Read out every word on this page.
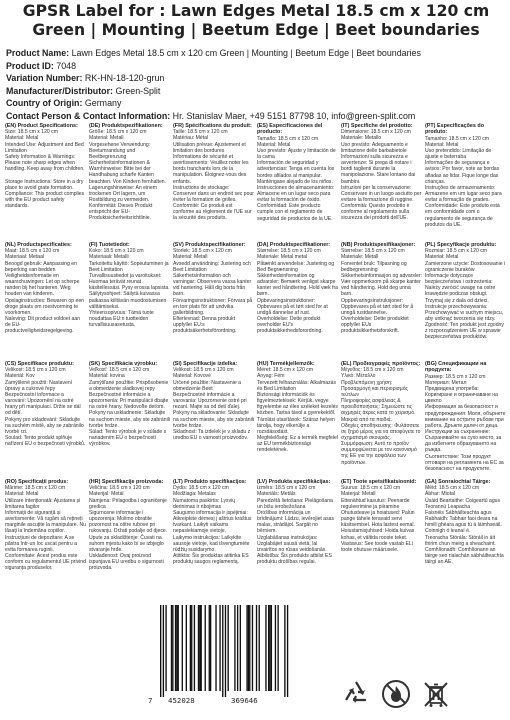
GPSR Label for : Lawn Edges Metal 18.5 cm x 120 cm Green | Mounting | Beetum Edge | Beet boundaries
Product Name: Lawn Edges Metal 18.5 cm x 120 cm Green | Mounting | Beetum Edge | Beet boundaries
Product ID: 7048
Variation Number: RK-HN-18-120-grun
Manufacturer/Distributor: Green-Split
Country of Origin: Germany
Contact Person & Contact Information: Hr. Stanislav Maer, +49 5151 87798 10, info@green-split.com
(EN) Product Specifications:
Size: 18.5 cm x 120 cm
Material: Metal
Intended Use: Adjustment and Bed Limitation
Safety Information & Warnings: Please note sharp edges when handling. Keep away from children.

Storage Instructions: Store in a dry place to avoid grate formation.
Compliance: This product complies with the EU product safety standards.
(DE) Produktspezifikationen:
Größe: 18.5 cm x 120 cm
Material: Metall
Vorgesehene Verwendung: Beetumrandung und Beetbegrenzung
Sicherheitsinformationen & Warnhinweise: Bitte bei der Handhabung scharfe Kanten beachten. Von Kindern fernhalten.
Lagerungshinweise: An einem trockenen Ort lagern, um Rostbildung zu vermeiden.
Konformität: Dieses Produkt entspricht der EU-Produktsicherheitsrichtlinie.
(FR) Spécifications du produit:
Taille: 18.5 cm x 120 cm
Matériau: Métal
Utilisation prévue: Ajustement et limitation des bordures
Informations de sécurité et avertissements: Veuillez noter les bords tranchants lors de la manipulation. Éloignez-vous des enfants.
Instructions de stockage: Conserver dans un endroit sec pour éviter la formation de grilles.
Conformité: Ce produit est conforme au règlement de l'UE sur la sécurité des produits.
(ES) Especificaciones del producto:
Tamaño: 18.5 cm x 120 cm
Material: Metal
Uso previsto: Ajuste y limitación de la cama
Información de seguridad y advertencias: Tenga en cuenta los bordes afilados al manipular. Manténgase alejado de los niños.
Instrucciones de almacenamiento: Almacene en un lugar seco para evitar la formación de óxido.
Conformidad: Este producto cumple con el reglamento de seguridad de productos de la UE.
(IT) Specifiche del prodotto:
Dimensione: 18.5 cm x 120 cm
Materiale: Metallo
Uso previsto: Adeguamento e limitazione delle barbabietole
Informazioni sulla sicurezza e avvertenze: Si prega di notare i bordi taglienti durante la manipolazione. Stare lontano dai bambini.
Istruzioni per la conservazione: Conservare in un luogo asciutto per evitare la formazione di ruggine.
Conformità: Questo prodotto è conforme al regolamento sulla sicurezza dei prodotti dell'UE.
(PT) Especificações do produto:
Tamanho: 18.5 cm x 120 cm
Material: Metal
Uso pretendido: Limitação de ajuste e beterraba
Informações de segurança e avisos: Por favor, note as bordas afiadas ao lidar. Fique longe das crianças.
Instruções de armazenamento: Armazene em um lugar seco para evitar a formação de grades.
Conformidade: Este produto está em conformidade com o regulamento de segurança de produtos da UE.
(NL) Productspecificaties:
Maat: 18.5 cm x 120 cm
Materiaal: Metaal
Beoogd gebruik: Aanpassing en beperking van bedden
Veiligheidsinformatie en waarschuwingen: Let op scherpe randen bij het hanteren. Weg houden van kinderen.
Opslaginstructies: Bewaren op een droge plaats om roestvorming te voorkomen.
Naleving: Dit product voldoet aan de EU-productveiligheidsregelgeving.
(FI) Tuotetiedot:
Koko: 18.5 cm x 120 cm
Materiaali: Metalli
Tarkoitettu käyttö: Sopeutuminen ja Beet Limitation
Turvallisuustiedot ja varoitukset: Huomaa terävät reunat käsitellessäsi. Pysy erossa lapsista.
Säilytysohjeet: Säilytä kuivassa paikassa kiiltävän muodostumisen välttämiseksi.
Yhteensopivuus: Tämä tuote noudattaa EU:n tuotteiden turvallisuusasetusta.
(SV) Produktspecifikationer:
Storlek: 18.5 cm x 120 cm
Material: Metall
Avsedd användning: Justering och Beet Limitation
Säkerhetsinformation och varningar: Observera vassa kanter vid hantering. Håll dig borta från barn.
Förvaringsinstruktioner: Förvara på en torr plats för att undvika gallerbildning.
Efterlevnad: Denna produkt uppfyller EU:s produktsäkerhetsförordning.
(DA) Produktspecifikationer:
Størrelse: 18.5 cm x 120 cm
Materiale: Metal metal
Påtænkt anvendelse: Justering og Bed Begrænsning
Sikkerhedsinformation og advarsler: Bemærk venligst skarpe kanter ved håndtering. Hold væk fra børn.
Opbevaringsinstruktioner: Opbevares på et tørt sted for at undgå dannelse af rust.
Overholdelse: Dette produkt overholder EU's produktsikkerhedsforordning.
(NB) Produktspesifikasjoner:
Størrelse: 18.5 cm x 120 cm
Materiale: Metall
Forventet bruk: Tilpasning og bedbegrensning
Sikkerhetsinformasjon og advarsler: Vær oppmerksom på skarpe kanter ved håndtering. Hold deg unna barn.
Oppbevaringsinstruksjoner: Oppbevares på et tørt sted for å unngå rustdannelse.
Overholdelse: Dette produktet oppfyller EUs produktsikkerhetsforskrift.
(PL) Specyfikacje produktu:
Rozmiar: 18.5 cm x 120 cm
Materiał: Metal
Zamierzone użycie: Dostosowanie i ograniczenie buraków
Informacje dotyczące bezpieczeństwa i ostrzeżenia: Należy zwrócić uwagę na ostre krawędzie podczas obsługi. Trzymaj się z dala od dzieci.
Instrukcje przechowywania: Przechowywać w suchym miejscu, aby uniknąć tworzenia się rdzy.
Zgodność: Ten produkt jest zgodny z rozporządzeniem UE w sprawie bezpieczeństwa produktów.
(CS) Specifikace produktu:
Velikost: 18.5 cm x 120 cm
Materiál: Kov
Zamýšlené použití: Nastavení úpravy a cukrové řepy
Bezpečnostní informace a varování: Upozornění na ostré hrany při manipulaci. Držte se dál od dětí.
Pokyny pro skladování: Skladujte na suchém místě, aby se zabránilo tvorbě rzi.
Soulad: Tento produkt splňuje nařízení EU o bezpečnosti výrobků.
(SK) Špecifikácia výrobku:
Veľkosť: 18.5 cm x 120 cm
Materiál: kovina
Zamýšľané použitie: Prispôsobenie a obmedzenie sladkovej repy
Bezpečnostné informácie a upozornenia: Pri manipulácii dbajte na ostré hrany. Nedovoľte deťom.
Pokyny na uskladnenie: Skladujte na suchom mieste, aby ste zabránili tvorbe hrdze.
Súlad: Tento výrobok je v súlade s nariadením EÚ o bezpečnosti výrobkov.
(SI) Specifikacije izdelka:
Velikost: 18.5 cm x 120 cm
Material: Kovové
Určené použitie: Nastavenie a obmedzenie Beet
Bezpečnostné informácie a varovania: Upozornenie ostré pri rezaní. Majte sa od detí ďalej.
Pokyny na skladovanie: Skladujte na suchom mieste, aby ste zabránili tvorbe hrdze.
Skladnost: Ta izdelek je v skladu z uredbo EU o varnosti proizvodov.
(HU) Termékjellemzők:
Méret: 18.5 cm x 120 cm
Anyag: Fém
Tervezett felhasználás: Alkalmazás és Bed Limitation
Biztonsági információk és figyelmeztetések: Kérjük, vegye figyelembe az éles széleket kezelés közben. Tartsa távol a gyerekektől.
Tárolási utasítások: Száraz helyen tárolja, hogy elkerülje a rozsdásodást.
Megfelelőség: Ez a termék megfelel az EU termékbiztonsági rendeletének.
(EL) Προδιαγραφές προϊόντος:
Μέγεθος: 18.5 cm x 120 cm
Υλικό: Μέταλλο
Προβλεπόμενη χρήση: Προσαρμογή και περιορισμός τεύτλων
Πληροφορίες ασφάλειας & προειδοποιήσεις: Σημειώστε τις αιχμηρές άκρες κατά το χειρισμό. Μακριά από τα παιδιά.
Οδηγίες αποθήκευσης: Φυλάσσετε σε ξηρό μέρος για να αποφύγετε το σχηματισμό σκουριάς.
Συμμόρφωση: Αυτό το προϊόν συμμορφώνεται με τον κανονισμό της ΕΕ για την ασφάλεια των προϊόντων.
(BG) Спецификации на продукта:
Размер: 18.5 cm x 120 cm
Материал: Метал
Предвидена употреба: Коригиране и ограничаване на цвекло
Информация за безопасност и предупреждения: Моля, обърнете внимание на острите ръбове при работа. Дръжте далеч от деца.
Инструкции за съхранение: Съхранявайте на сухо място, за да избегнете образуването на ръжда.
Съответствие: Този продукт отговаря на регламента на ЕС за безопасност на продуктите.
(RO) Specificații produs:
Mărime: 18.5 cm x 120 cm
Material: Metal
Utilizare intenționată: Ajustarea și limitarea fagilor
Informații de siguranță și avertismente: Vă rugăm să rețineți marginile ascuțite la manipulare. Nu lăsați la îndemâna copiilor.
Instrucțiuni de depozitare: A se păstra într-un loc uscat pentru a evita formarea ruginii.
Conformitate: Acest produs este conform cu regulamentul UE privind siguranța produselor.
(HR) Specifikacije proizvoda:
Veličina: 18.5 cm x 120 cm
Materijal: Metal
Namjena: Prilagodba i ograničenje gredica
Sigurnosne informacije i upozorenja: Molimo obratite pozornost na oštre rubove pri rukovanju. Držati podalje od djece.
Upute za skladištenje: Čuvati na suhom mjestu kako bi se izbjeglo stvaranje hrđe.
Usklađenost: Ovaj proizvod ispunjava EU uredbu o sigurnosti proizvoda.
(LT) Produkto specifikacijos:
Dydis: 18.5 cm x 120 cm
Medžiaga: Metalas
Numatoma paskirtis: Lysvių derinimas ir ribojimas
Saugumo informacija ir įspėjimai: Atkreipkite dėmesį į aštrius kraštus tvarkant. Laikyti vaikams nepasiekiamoje vietoje.
Laikymo instrukcijos: Laikykite sausoje vietoje, kad išvengtumėte rūdžių susidarymo.
Atitiktis: Šis produktas atitinka ES produktų saugos reglamentą.
(LV) Produkta specifikācijas:
Izmērs: 18.5 cm x 120 cm
Materiāls: Metāls
Paredzētā lietošana: Pielāgošana un bišu ierobežošana
Drošības informācija un brīdinājumi: Lūdzu, ievērojiet asas malas, strādājot. Sargāt no bērniem.
Uzglabāšanas instrukcijas: Uzglabājiet sausā vietā, lai izvairītos no rūsas veidošanās.
Atbilstība: Šis produkts atbilst ES produktu drošības regulai.
(ET) Toote spetsifikatsioonid:
Suurus: 18.5 cm x 120 cm
Materjal: Metall
Ettenähtud kasutus: Peenarde reguleerimine ja piiramine
Ohutusteave ja hoiatused: Palun pange tähele teravaid servi käsitsemisel. Hoia lastest eemal.
Hoiustamisjuhised: Hoida kuivas kohas, et vältida rooste teket.
Vastavus: See toode vastab ELi toote ohutuse määrusele.
(GA) Sonraíochtaí Táirge:
Méid: 18.5 cm x 120 cm
Ábhar: Miotal
Úsáid Beartaithe: Coigeartú agus Teorannú Leapacha
Faisnéis Sábháilteachta agus Rabhaidh: Tabhair faoi deara na himill ghéara agus tú á láimhseáil. Coinnigh ó leanaí é.
Treoracha Stórála: Stóráil in áit thirim chun meirg a sheachaint.
Comhlíonadh: Comhlíonann an táirge seo rialachán sábháilteachta táirgí an AE.
7 452028	369646
